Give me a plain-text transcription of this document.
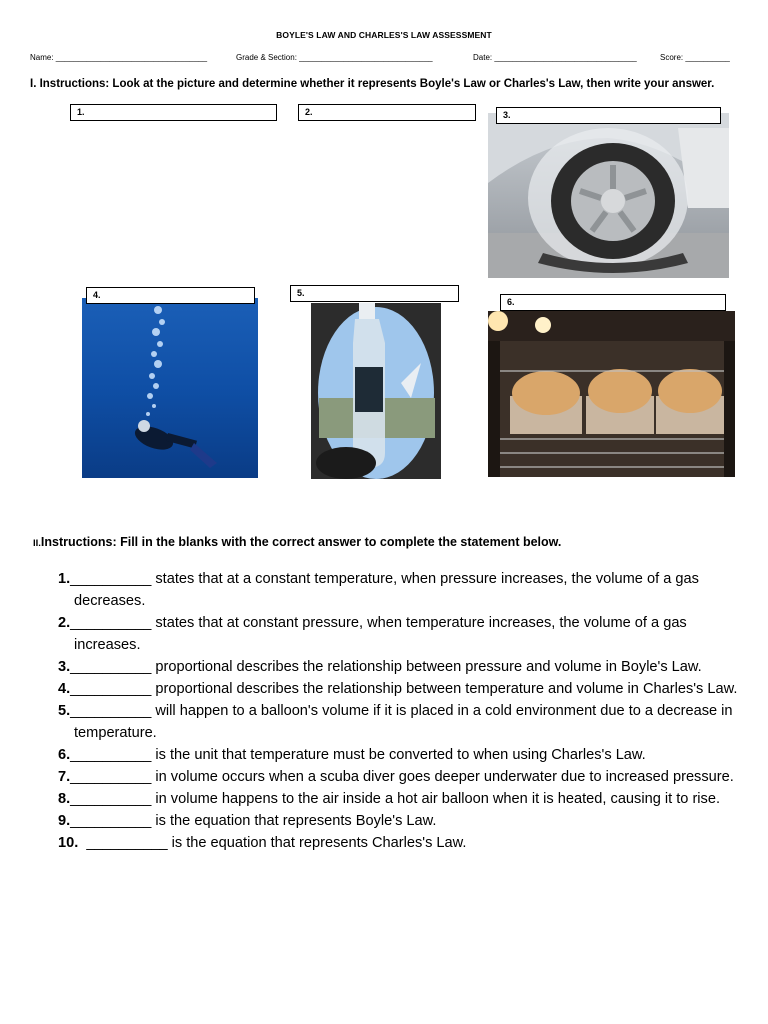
BOYLE'S LAW AND CHARLES'S LAW ASSESSMENT
Name: __________________________________	Grade & Section: ______________________________	Date: ________________________________	Score: __________
I. Instructions: Look at the picture and determine whether it represents Boyle's Law or Charles's Law, then write your answer.
1.	2.	3.
4.	5.
6.
II.Instructions: Fill in the blanks with the correct answer to complete the statement below.
1.__________ states that at a constant temperature, when pressure increases, the volume of a gas decreases.
2.__________ states that at constant pressure, when temperature increases, the volume of a gas increases.
3.__________ proportional describes the relationship between pressure and volume in Boyle's Law.
4.__________ proportional describes the relationship between temperature and volume in Charles's Law.
5.__________ will happen to a balloon's volume if it is placed in a cold environment due to a decrease in temperature.
6.__________ is the unit that temperature must be converted to when using Charles's Law.
7.__________ in volume occurs when a scuba diver goes deeper underwater due to increased pressure.
8.__________ in volume happens to the air inside a hot air balloon when it is heated, causing it to rise.
9.__________ is the equation that represents Boyle's Law.
10.  __________ is the equation that represents Charles's Law.
